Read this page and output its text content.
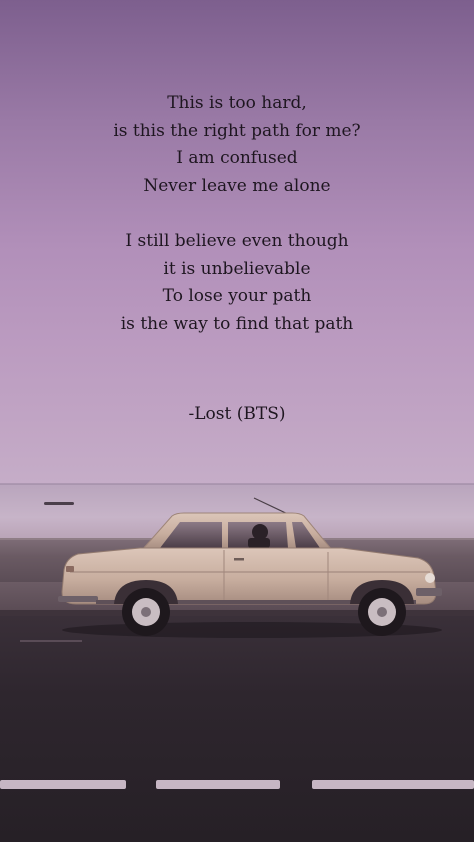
This is too hard,
is this the right path for me?
I am confused
Never leave me alone
I still believe even though
it is unbelievable
To lose your path
is the way to find that path
-Lost (BTS)
